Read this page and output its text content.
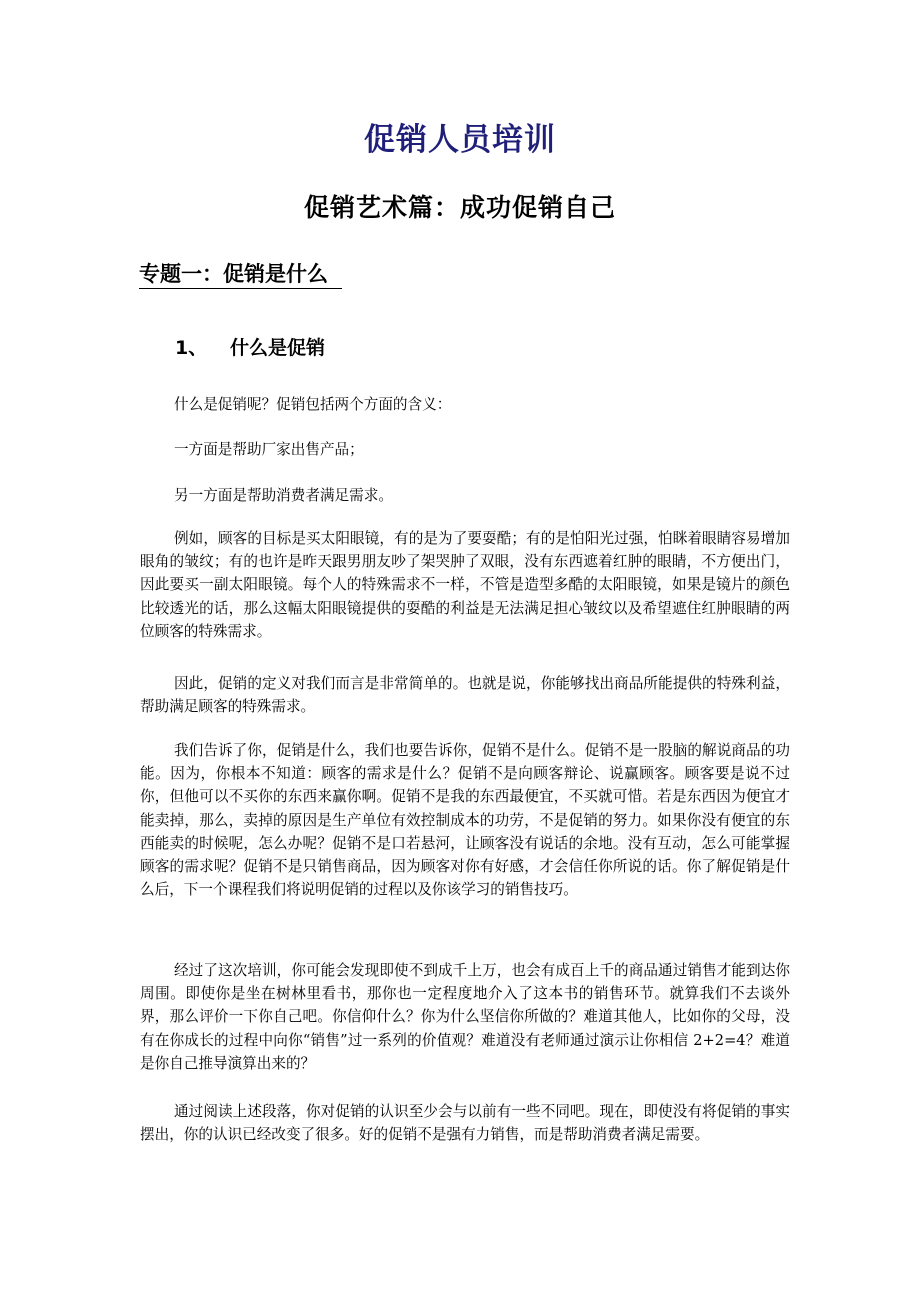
促销人员培训
促销艺术篇：成功促销自己
专题一：促销是什么
1、 什么是促销

什么是促销呢？促销包括两个方面的含义：

一方面是帮助厂家出售产品；

另一方面是帮助消费者满足需求。

例如，顾客的目标是买太阳眼镜，有的是为了要耍酷；有的是怕阳光过强，怕眯着眼睛容易增加眼角的皱纹；有的也许是昨天跟男朋友吵了架哭肿了双眼，没有东西遮着红肿的眼睛，不方便出门，因此要买一副太阳眼镜。每个人的特殊需求不一样，不管是造型多酷的太阳眼镜，如果是镜片的颜色比较透光的话，那么这幅太阳眼镜提供的耍酷的利益是无法满足担心皱纹以及希望遮住红肿眼睛的两位顾客的特殊需求。

因此，促销的定义对我们而言是非常简单的。也就是说，你能够找出商品所能提供的特殊利益，帮助满足顾客的特殊需求。

我们告诉了你，促销是什么，我们也要告诉你，促销不是什么。促销不是一股脑的解说商品的功能。因为，你根本不知道：顾客的需求是什么？促销不是向顾客辩论、说赢顾客。顾客要是说不过你，但他可以不买你的东西来赢你啊。促销不是我的东西最便宜，不买就可惜。若是东西因为便宜才能卖掉，那么，卖掉的原因是生产单位有效控制成本的功劳，不是促销的努力。如果你没有便宜的东西能卖的时候呢，怎么办呢？促销不是口若悬河，让顾客没有说话的余地。没有互动，怎么可能掌握顾客的需求呢？促销不是只销售商品，因为顾客对你有好感，才会信任你所说的话。你了解促销是什么后，下一个课程我们将说明促销的过程以及你该学习的销售技巧。

经过了这次培训，你可能会发现即使不到成千上万，也会有成百上千的商品通过销售才能到达你周围。即使你是坐在树林里看书，那你也一定程度地介入了这本书的销售环节。就算我们不去谈外界，那么评价一下你自己吧。你信仰什么？你为什么坚信你所做的？难道其他人，比如你的父母，没有在你成长的过程中向你“销售”过一系列的价值观？难道没有老师通过演示让你相信 2+2=4？难道是你自己推导演算出来的？

通过阅读上述段落，你对促销的认识至少会与以前有一些不同吧。现在，即使没有将促销的事实摆出，你的认识已经改变了很多。好的促销不是强有力销售，而是帮助消费者满足需要。
